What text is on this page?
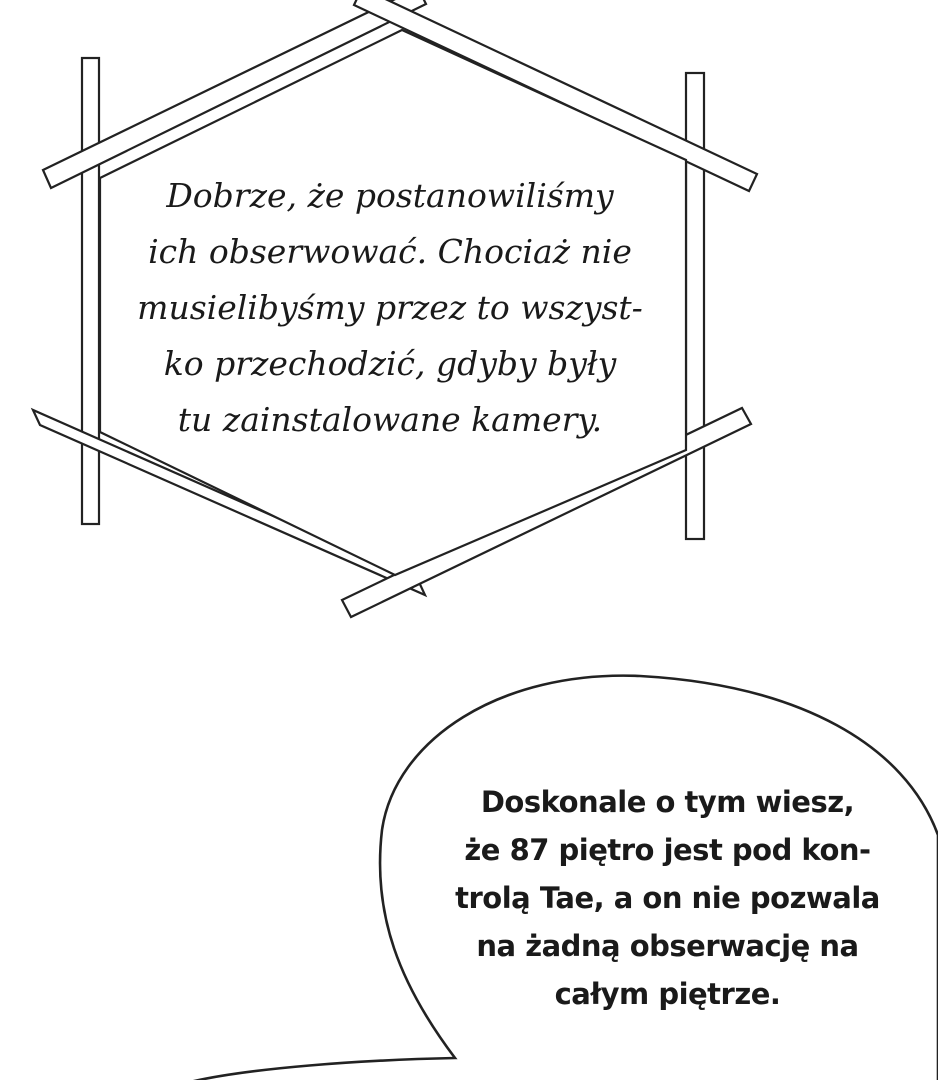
Dobrze, że postanowiliśmy
ich obserwować. Chociaż nie
musielibyśmy przez to wszyst-
ko przechodzić, gdyby były
tu zainstalowane kamery.
Doskonale o tym wiesz,
że 87 piętro jest pod kon-
trolą Tae, a on nie pozwala
na żadną obserwację na
całym piętrze.
